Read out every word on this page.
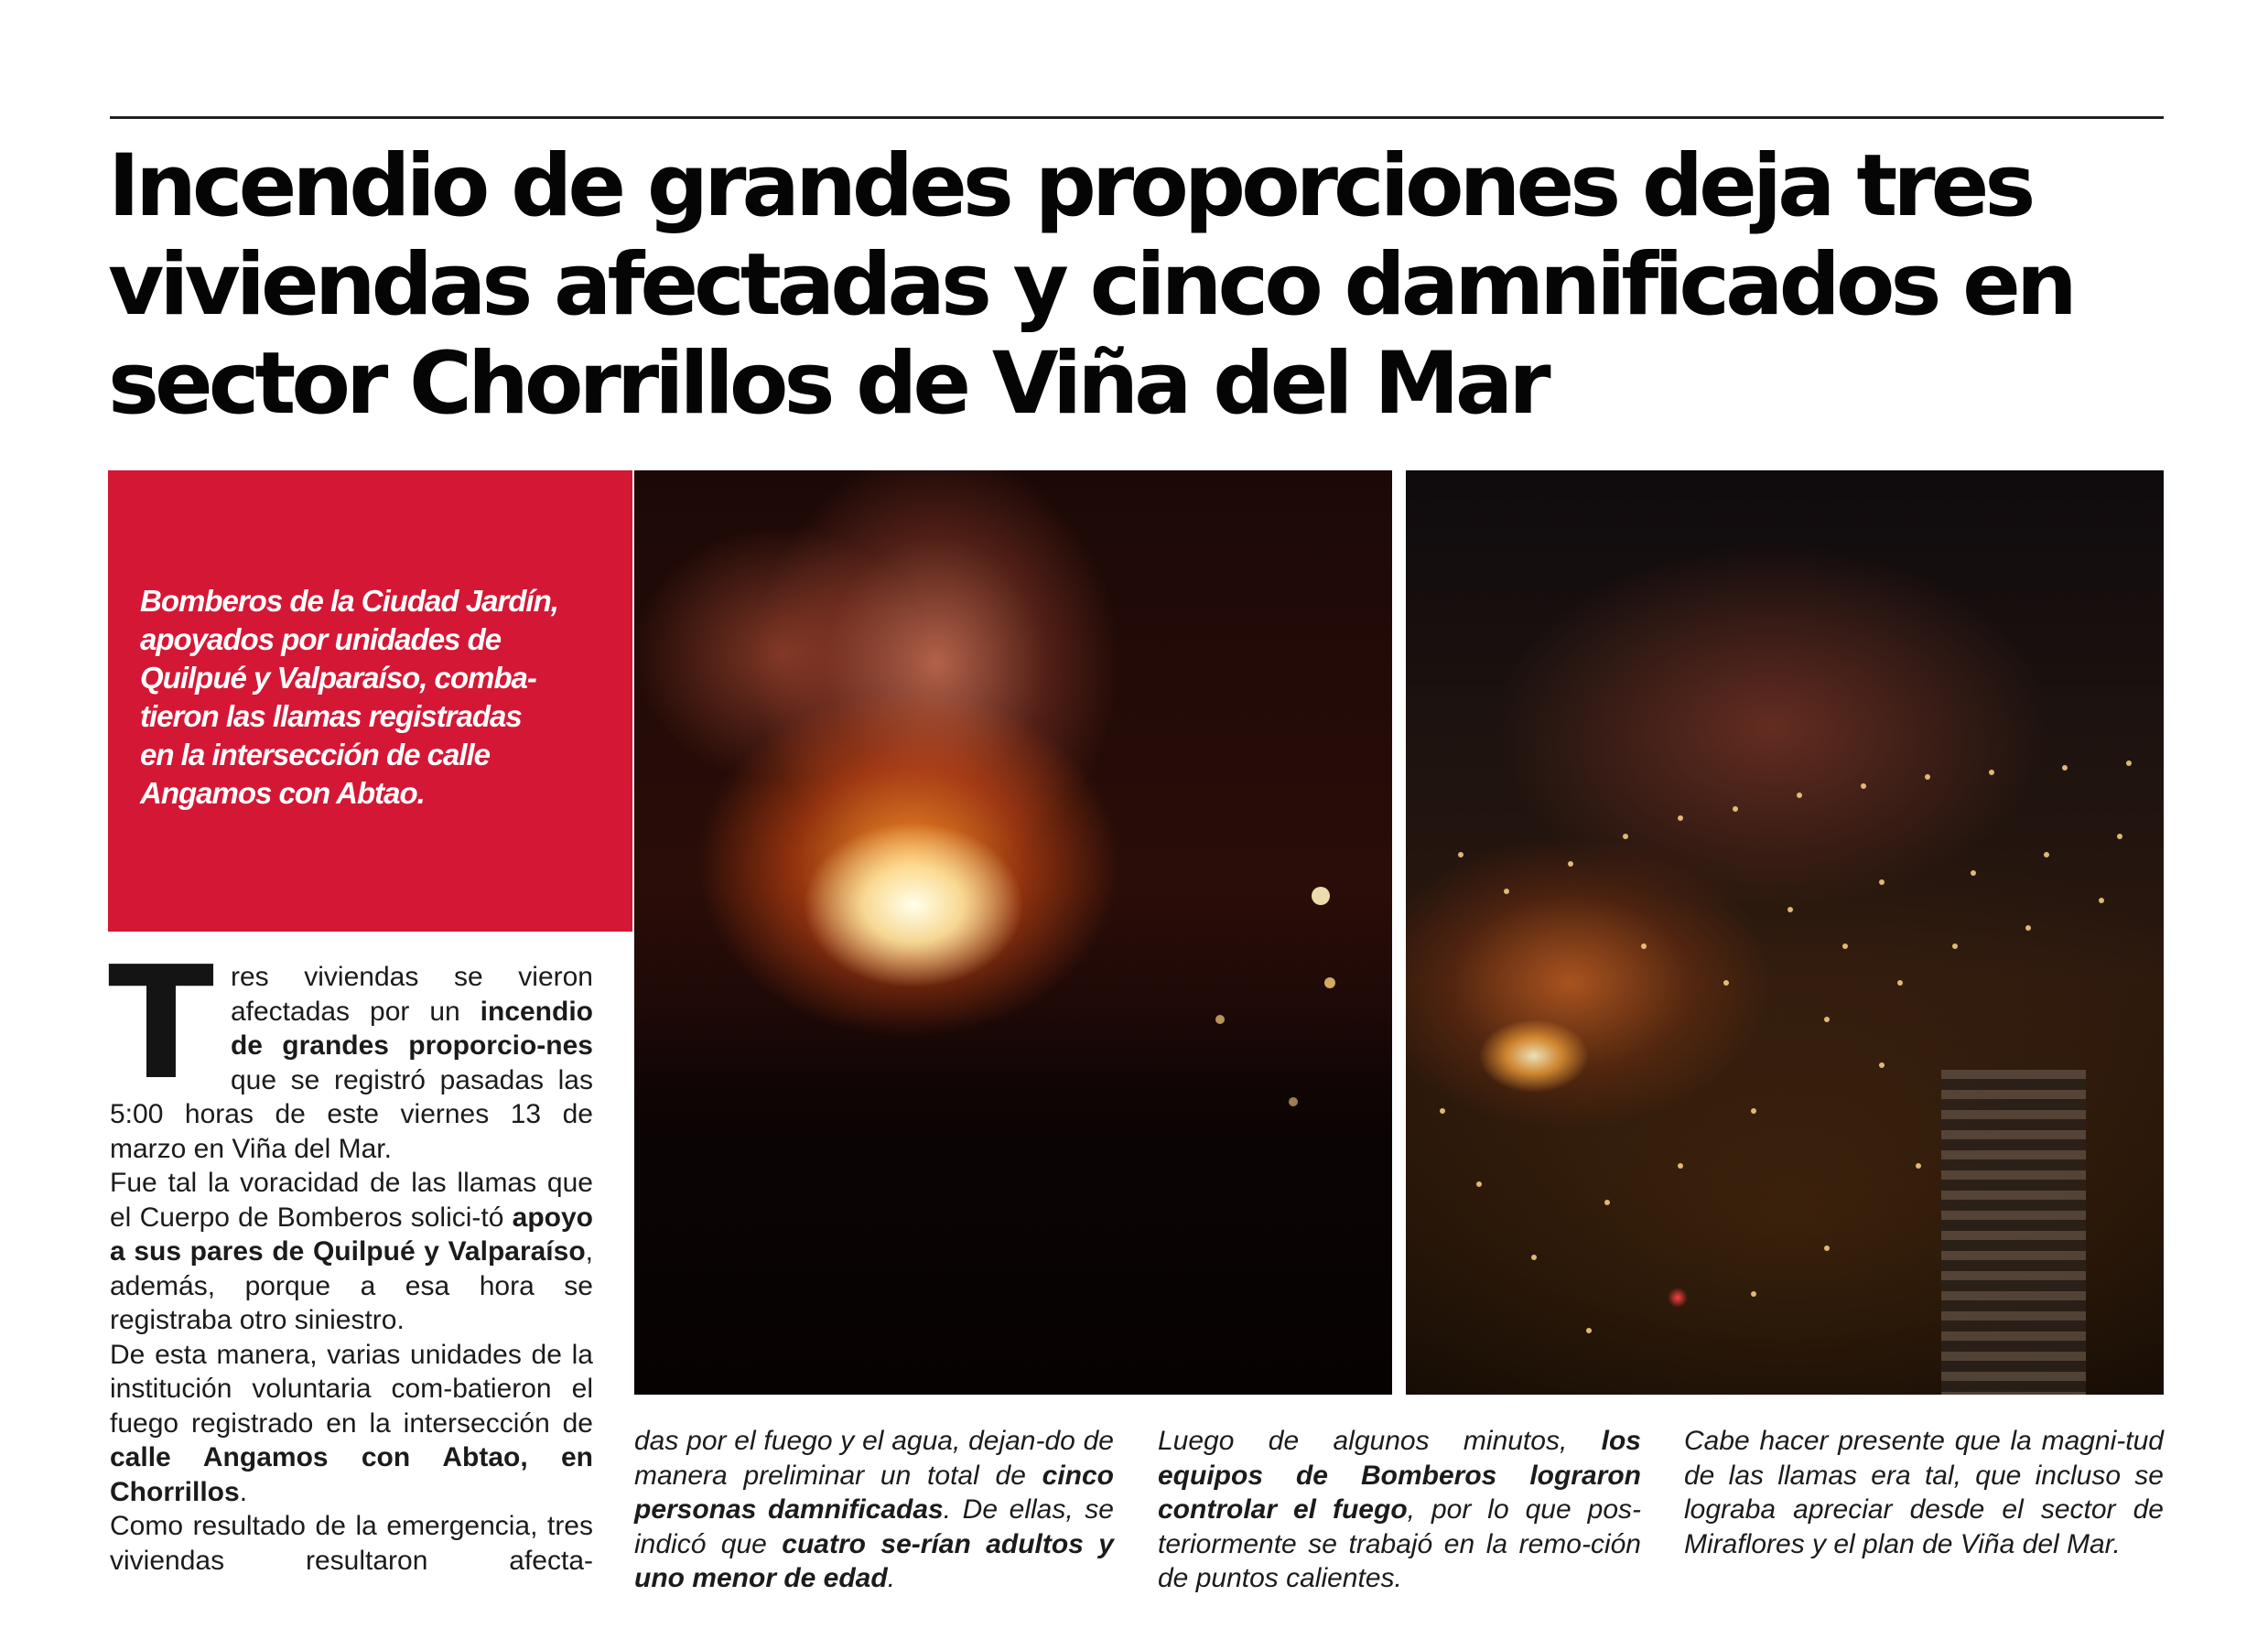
Incendio de grandes proporciones deja tres
viviendas afectadas y cinco damnificados en
sector Chorrillos de Viña del Mar
Bomberos de la Ciudad Jardín,
apoyados por unidades de
Quilpué y Valparaíso, comba-
tieron las llamas registradas
en la intersección de calle
Angamos con Abtao.

Tres viviendas se vieron afectadas por un incendio de grandes proporcio-nes que se registró pasadas las 5:00 horas de este viernes 13 de marzo en Viña del Mar.

Fue tal la voracidad de las llamas que el Cuerpo de Bomberos solici-tó apoyo a sus pares de Quilpué y Valparaíso, además, porque a esa hora se registraba otro siniestro.

De esta manera, varias unidades de la institución voluntaria com-batieron el fuego registrado en la intersección de calle Angamos con Abtao, en Chorrillos.

Como resultado de la emergencia, tres viviendas resultaron afecta-

das por el fuego y el agua, dejan-do de manera preliminar un total de cinco personas damnificadas. De ellas, se indicó que cuatro se-rían adultos y uno menor de edad.

Luego de algunos minutos, los equipos de Bomberos lograron controlar el fuego, por lo que pos-teriormente se trabajó en la remo-ción de puntos calientes.

Cabe hacer presente que la magni-tud de las llamas era tal, que incluso se lograba apreciar desde el sector de Miraflores y el plan de Viña del Mar.
